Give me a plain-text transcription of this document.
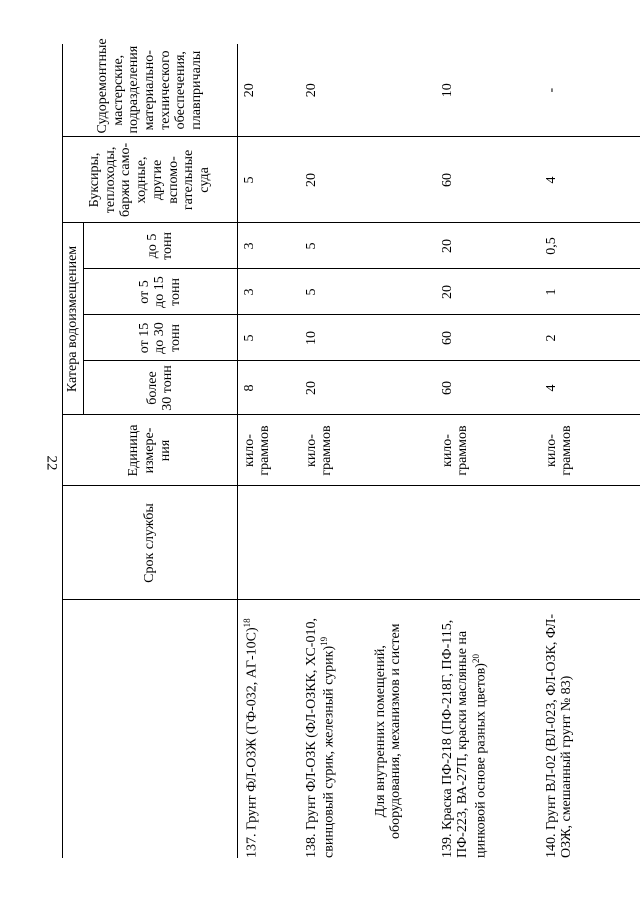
22
	Срок службы	Единица измере-ния	Катера водоизмещением				Буксиры, теплоходы, баржи само-ходные, другие вспомо-гательные суда	Судоремонтные мастерские, подразделения материально-технического обеспечения, плавпричалы
			более 30 тонн	от 15 до 30 тонн	от 5 до 15 тонн	до 5 тонн		
137. Грунт ФЛ-ОЗЖ (ГФ-032, АГ-10С)$^{18}$		кило-граммов	8	5	3	3	5	20
138. Грунт ФЛ-ОЗК (ФЛ-ОЗКК, ХС-010, свинцовый сурик, железный сурик)$^{19}$		кило-граммов	20	10	5	5	20	20
Для внутренних помещений, оборудования, механизмов и систем								
139. Краска ПФ-218 (ПФ-218Г, ПФ-115, ПФ-223, ВА-27П, краски масляные на цинковой основе разных цветов)$^{20}$		кило-граммов	60	60	20	20	60	10
140. Грунт ВЛ-02 (ВЛ-023, ФЛ-ОЗК, ФЛ-ОЗЖ, смешанный грунт № 83)		кило-граммов	4	2	1	0,5	4	-
